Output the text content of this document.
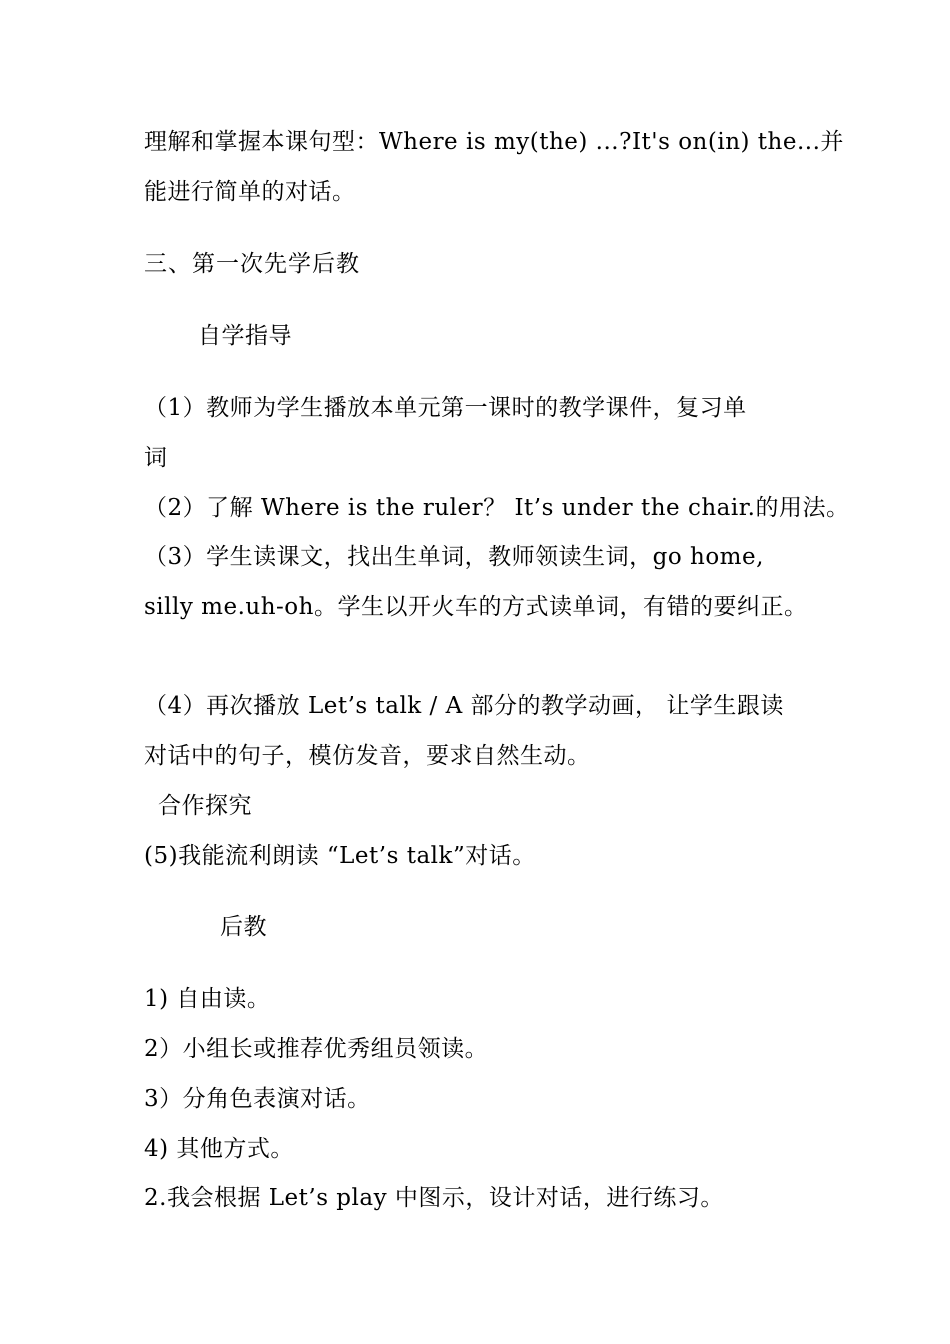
理解和掌握本课句型：Where is my(the) ...?It's on(in) the...并
能进行简单的对话。
三、第一次先学后教
自学指导
（1）教师为学生播放本单元第一课时的教学课件，复习单
词
（2）了解 Where is the ruler？ It’s under the chair.的用法。
（3）学生读课文，找出生单词，教师领读生词，go home,
silly me.uh-oh。学生以开火车的方式读单词，有错的要纠正。
（4）再次播放 Let’s talk / A 部分的教学动画， 让学生跟读
对话中的句子，模仿发音，要求自然生动。
合作探究
(5)我能流利朗读 “Let’s talk”对话。
后教
1) 自由读。
2）小组长或推荐优秀组员领读。
3）分角色表演对话。
4) 其他方式。
2.我会根据 Let’s play 中图示，设计对话，进行练习。
